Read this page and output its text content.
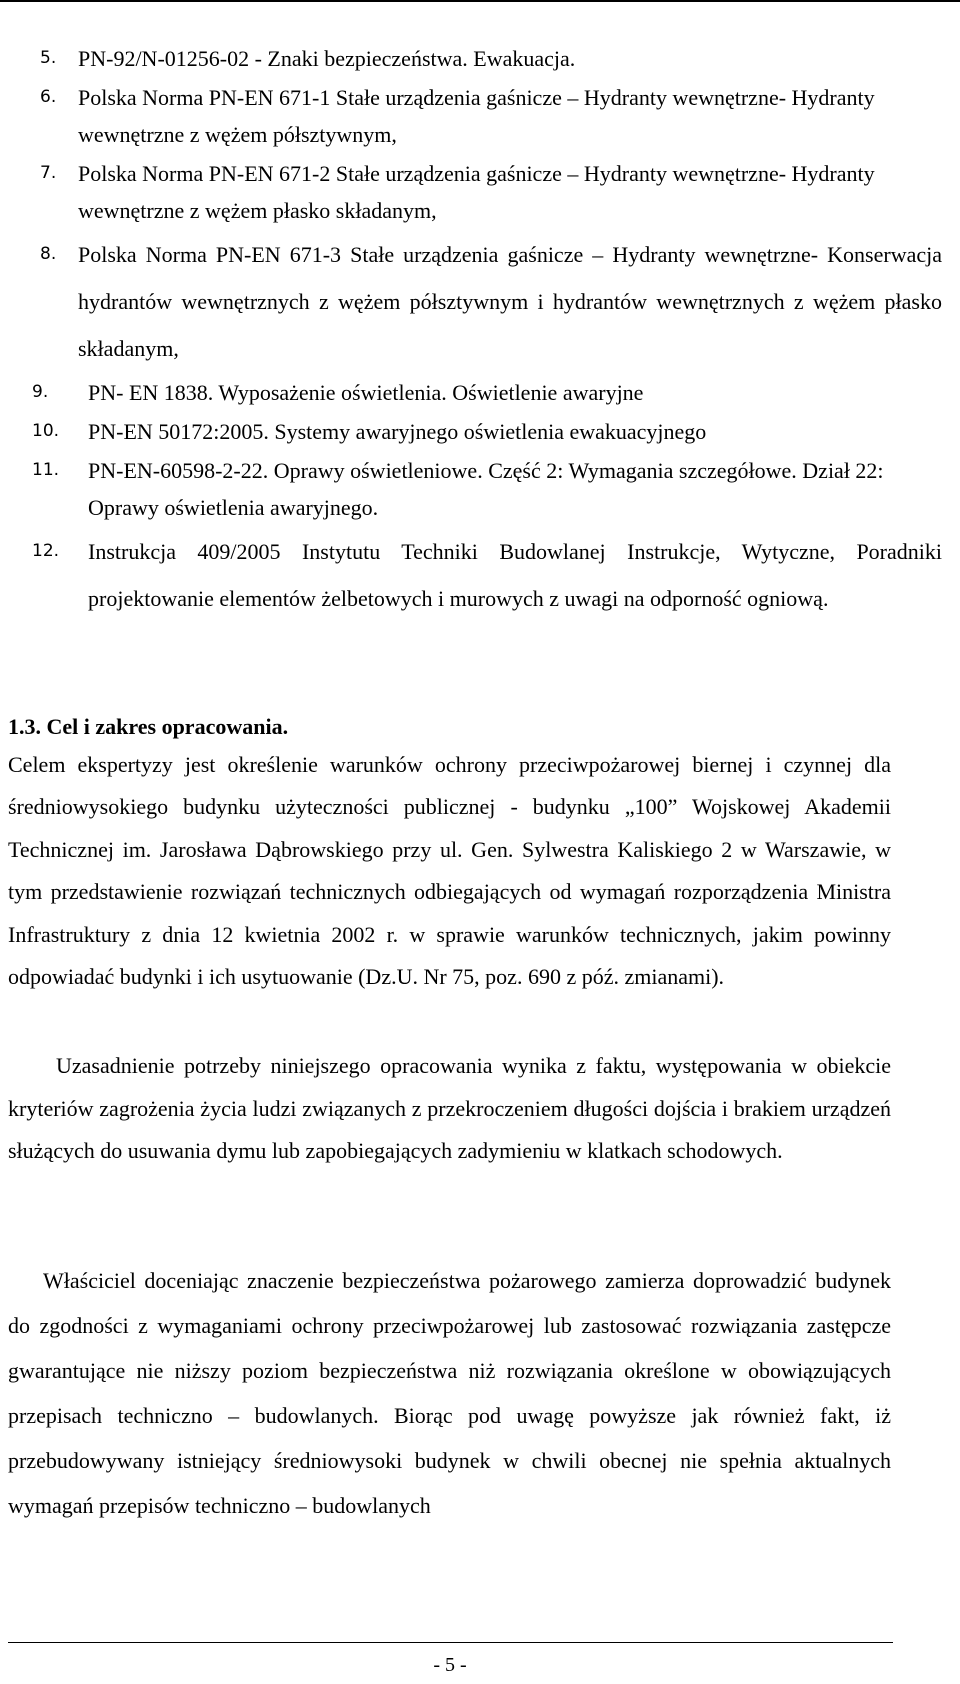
5. PN-92/N-01256-02 - Znaki bezpieczeństwa. Ewakuacja.
6. Polska Norma PN-EN 671-1 Stałe urządzenia gaśnicze – Hydranty wewnętrzne- Hydranty wewnętrzne z wężem półsztywnym,
7. Polska Norma PN-EN 671-2 Stałe urządzenia gaśnicze – Hydranty wewnętrzne- Hydranty wewnętrzne z wężem płasko składanym,
8. Polska Norma PN-EN 671-3 Stałe urządzenia gaśnicze – Hydranty wewnętrzne- Konserwacja hydrantów wewnętrznych z wężem półsztywnym i hydrantów wewnętrznych z wężem płasko składanym,
9.	PN- EN 1838. Wyposażenie oświetlenia. Oświetlenie awaryjne
10.	PN-EN 50172:2005. Systemy awaryjnego oświetlenia ewakuacyjnego
11.	PN-EN-60598-2-22. Oprawy oświetleniowe. Część 2: Wymagania szczegółowe. Dział 22: Oprawy oświetlenia awaryjnego.
12.	Instrukcja 409/2005 Instytutu Techniki Budowlanej Instrukcje, Wytyczne, Poradniki projektowanie elementów żelbetowych i murowych z uwagi na odporność ogniową.
1.3. Cel i zakres opracowania.

Celem ekspertyzy jest określenie warunków ochrony przeciwpożarowej biernej i czynnej dla średniowysokiego budynku użyteczności publicznej - budynku „100” Wojskowej Akademii Technicznej im. Jarosława Dąbrowskiego przy ul. Gen. Sylwestra Kaliskiego 2 w Warszawie, w tym przedstawienie rozwiązań technicznych odbiegających od wymagań rozporządzenia Ministra Infrastruktury z dnia 12 kwietnia 2002 r. w sprawie warunków technicznych, jakim powinny odpowiadać budynki i ich usytuowanie (Dz.U. Nr 75, poz. 690 z póź. zmianami).

Uzasadnienie potrzeby niniejszego opracowania wynika z faktu, występowania w obiekcie kryteriów zagrożenia życia ludzi związanych z przekroczeniem długości dojścia i brakiem urządzeń służących do usuwania dymu lub zapobiegających zadymieniu w klatkach schodowych.

Właściciel doceniając znaczenie bezpieczeństwa pożarowego zamierza doprowadzić budynek do zgodności z wymaganiami ochrony przeciwpożarowej lub zastosować rozwiązania zastępcze gwarantujące nie niższy poziom bezpieczeństwa niż rozwiązania określone w obowiązujących przepisach techniczno – budowlanych. Biorąc pod uwagę powyższe jak również fakt, iż przebudowywany istniejący średniowysoki budynek w chwili obecnej nie spełnia aktualnych wymagań przepisów techniczno – budowlanych

- 5 -
